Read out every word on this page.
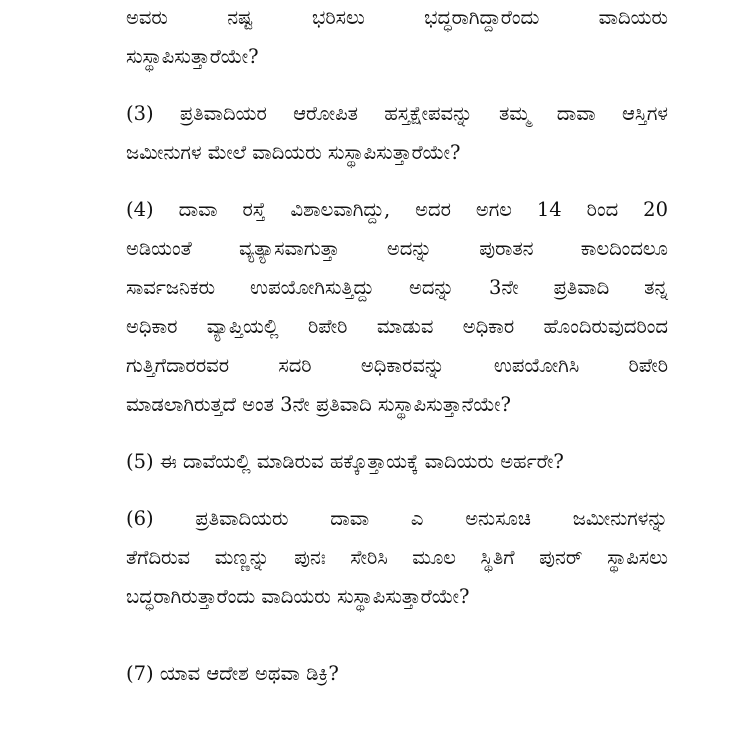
ಅವರು ನಷ್ಟ ಭರಿಸಲು ಭದ್ಧರಾಗಿದ್ದಾರೆಂದು ವಾದಿಯರು
ಸುಸ್ಥಾಪಿಸುತ್ತಾರೆಯೇ?
(3) ಪ್ರತಿವಾದಿಯರ ಆರೋಪಿತ ಹಸ್ತಕ್ಷೇಪವನ್ನು ತಮ್ಮ ದಾವಾ ಆಸ್ತಿಗಳ
ಜಮೀನುಗಳ ಮೇಲೆ ವಾದಿಯರು ಸುಸ್ಥಾಪಿಸುತ್ತಾರೆಯೇ?
(4) ದಾವಾ ರಸ್ತೆ ವಿಶಾಲವಾಗಿದ್ದು, ಅದರ ಅಗಲ 14 ರಿಂದ 20
ಅಡಿಯಂತೆ ವ್ಯತ್ಯಾಸವಾಗುತ್ತಾ ಅದನ್ನು ಪುರಾತನ ಕಾಲದಿಂದಲೂ
ಸಾರ್ವಜನಿಕರು ಉಪಯೋಗಿಸುತ್ತಿದ್ದು ಅದನ್ನು 3ನೇ ಪ್ರತಿವಾದಿ ತನ್ನ
ಅಧಿಕಾರ ವ್ಯಾಪ್ತಿಯಲ್ಲಿ ರಿಪೇರಿ ಮಾಡುವ ಅಧಿಕಾರ ಹೊಂದಿರುವುದರಿಂದ
ಗುತ್ತಿಗೆದಾರರವರ ಸದರಿ ಅಧಿಕಾರವನ್ನು ಉಪಯೋಗಿಸಿ ರಿಪೇರಿ
ಮಾಡಲಾಗಿರುತ್ತದೆ ಅಂತ 3ನೇ ಪ್ರತಿವಾದಿ ಸುಸ್ಥಾಪಿಸುತ್ತಾನೆಯೇ?
(5) ಈ ದಾವೆಯಲ್ಲಿ ಮಾಡಿರುವ ಹಕ್ಕೊತ್ತಾಯಕ್ಕೆ ವಾದಿಯರು ಅರ್ಹರೇ?
(6) ಪ್ರತಿವಾದಿಯರು ದಾವಾ ಎ ಅನುಸೂಚಿ ಜಮೀನುಗಳನ್ನು
ತೆಗೆದಿರುವ ಮಣ್ಣನ್ನು ಪುನಃ ಸೇರಿಸಿ ಮೂಲ ಸ್ಥಿತಿಗೆ ಪುನರ್ ಸ್ಥಾಪಿಸಲು
ಬದ್ಧರಾಗಿರುತ್ತಾರೆಂದು ವಾದಿಯರು ಸುಸ್ಥಾಪಿಸುತ್ತಾರೆಯೇ?
(7) ಯಾವ ಆದೇಶ ಅಥವಾ ಡಿಕ್ರಿ?
